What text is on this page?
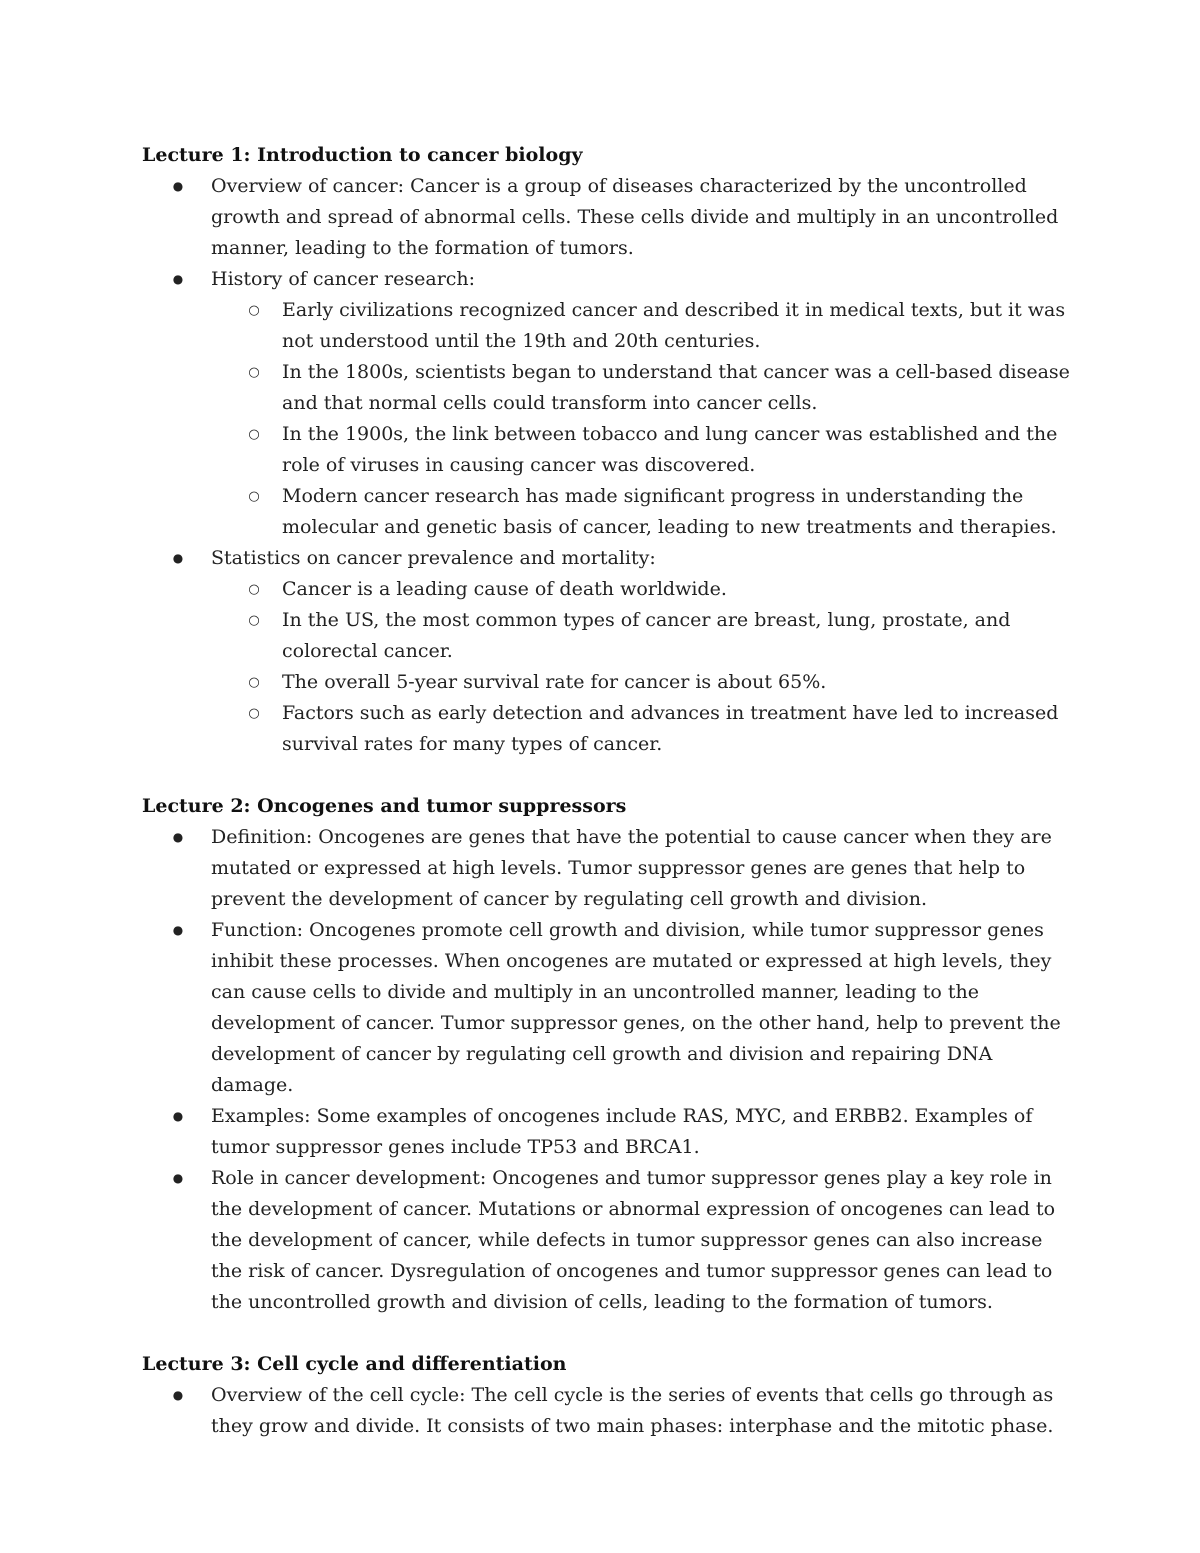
Lecture 1: Introduction to cancer biology
● Overview of cancer: Cancer is a group of diseases characterized by the uncontrolled growth and spread of abnormal cells. These cells divide and multiply in an uncontrolled manner, leading to the formation of tumors.
● History of cancer research:
○ Early civilizations recognized cancer and described it in medical texts, but it was not understood until the 19th and 20th centuries.
○ In the 1800s, scientists began to understand that cancer was a cell-based disease and that normal cells could transform into cancer cells.
○ In the 1900s, the link between tobacco and lung cancer was established and the role of viruses in causing cancer was discovered.
○ Modern cancer research has made significant progress in understanding the molecular and genetic basis of cancer, leading to new treatments and therapies.
● Statistics on cancer prevalence and mortality:
○ Cancer is a leading cause of death worldwide.
○ In the US, the most common types of cancer are breast, lung, prostate, and colorectal cancer.
○ The overall 5-year survival rate for cancer is about 65%.
○ Factors such as early detection and advances in treatment have led to increased survival rates for many types of cancer.
Lecture 2: Oncogenes and tumor suppressors
● Definition: Oncogenes are genes that have the potential to cause cancer when they are mutated or expressed at high levels. Tumor suppressor genes are genes that help to prevent the development of cancer by regulating cell growth and division.
● Function: Oncogenes promote cell growth and division, while tumor suppressor genes inhibit these processes. When oncogenes are mutated or expressed at high levels, they can cause cells to divide and multiply in an uncontrolled manner, leading to the development of cancer. Tumor suppressor genes, on the other hand, help to prevent the development of cancer by regulating cell growth and division and repairing DNA damage.
● Examples: Some examples of oncogenes include RAS, MYC, and ERBB2. Examples of tumor suppressor genes include TP53 and BRCA1.
● Role in cancer development: Oncogenes and tumor suppressor genes play a key role in the development of cancer. Mutations or abnormal expression of oncogenes can lead to the development of cancer, while defects in tumor suppressor genes can also increase the risk of cancer. Dysregulation of oncogenes and tumor suppressor genes can lead to the uncontrolled growth and division of cells, leading to the formation of tumors.
Lecture 3: Cell cycle and differentiation
● Overview of the cell cycle: The cell cycle is the series of events that cells go through as they grow and divide. It consists of two main phases: interphase and the mitotic phase.
